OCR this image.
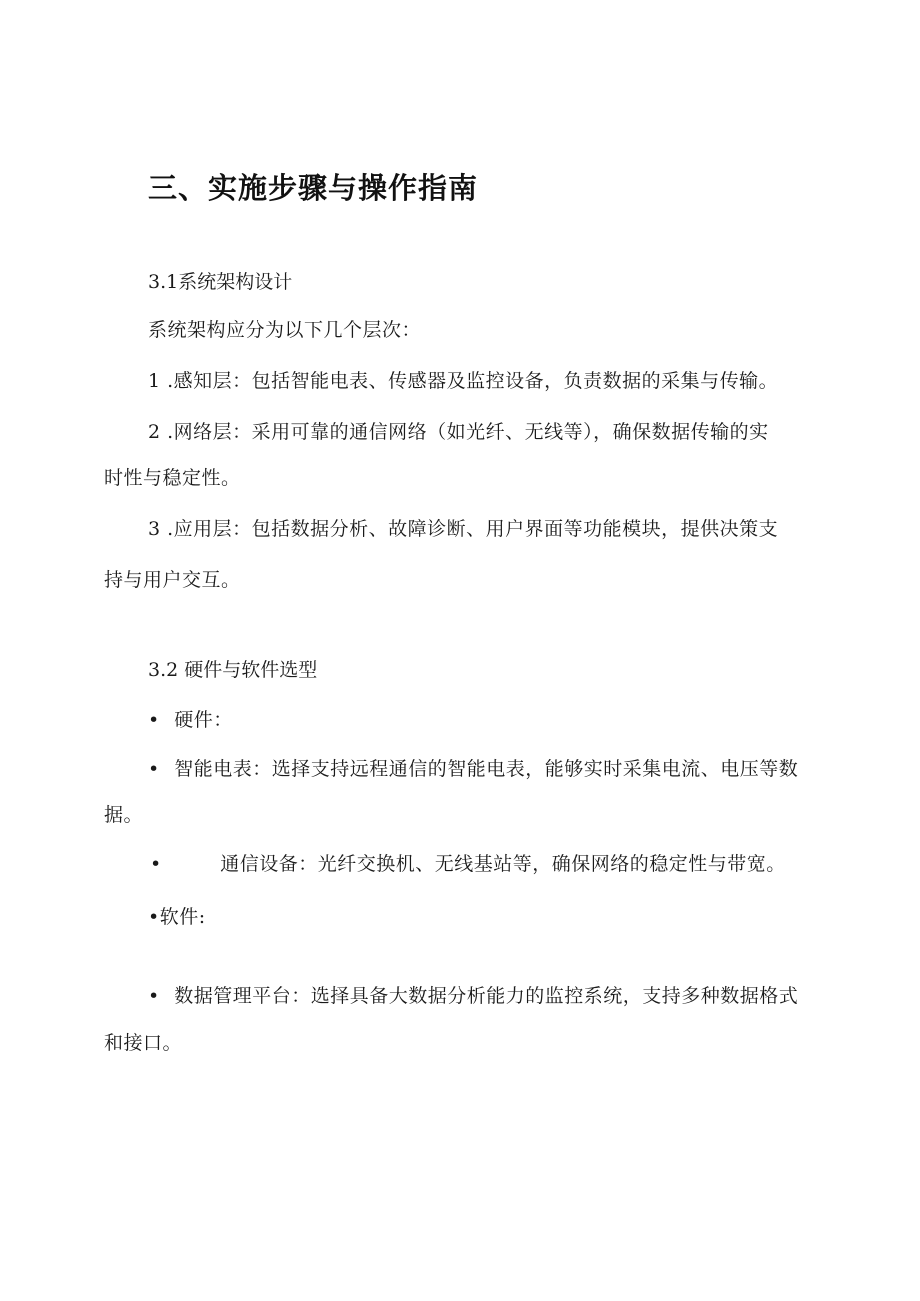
三、实施步骤与操作指南
3.1系统架构设计
系统架构应分为以下几个层次：
1 .感知层：包括智能电表、传感器及监控设备，负责数据的采集与传输。
2 .网络层：采用可靠的通信网络（如光纤、无线等），确保数据传输的实
时性与稳定性。
3 .应用层：包括数据分析、故障诊断、用户界面等功能模块，提供决策支
持与用户交互。
3.2 硬件与软件选型
• 硬件：
• 智能电表：选择支持远程通信的智能电表，能够实时采集电流、电压等数
据。
•	通信设备：光纤交换机、无线基站等，确保网络的稳定性与带宽。
•软件:
• 数据管理平台：选择具备大数据分析能力的监控系统，支持多种数据格式
和接口。
